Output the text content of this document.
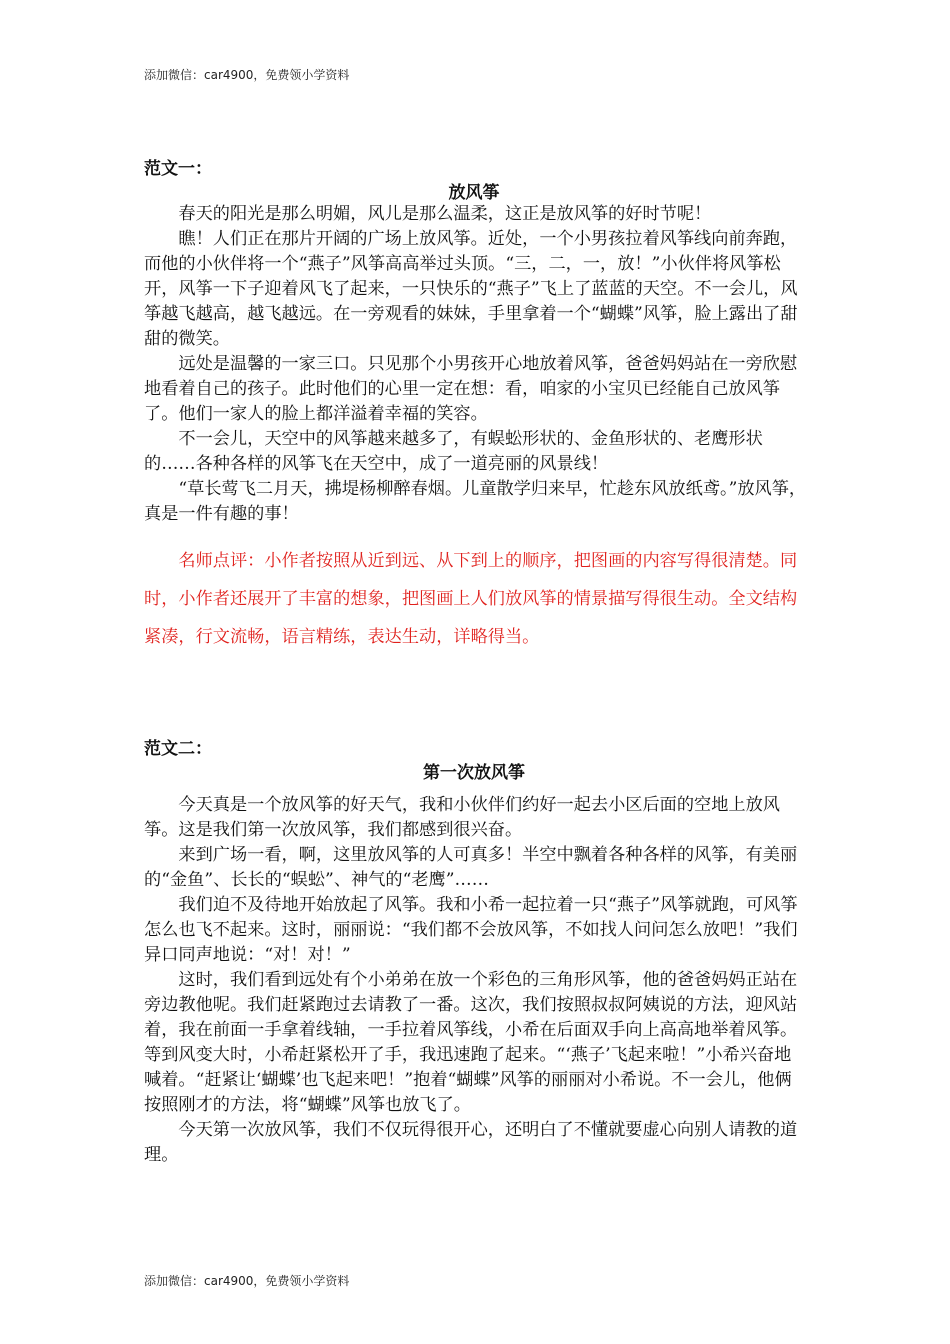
添加微信：car4900，免费领小学资料
范文一：
放风筝

春天的阳光是那么明媚，风儿是那么温柔，这正是放风筝的好时节呢！

瞧！人们正在那片开阔的广场上放风筝。近处，一个小男孩拉着风筝线向前奔跑，而他的小伙伴将一个“燕子”风筝高高举过头顶。“三，二，一，放！”小伙伴将风筝松开，风筝一下子迎着风飞了起来，一只快乐的“燕子”飞上了蓝蓝的天空。不一会儿，风筝越飞越高，越飞越远。在一旁观看的妹妹，手里拿着一个“蝴蝶”风筝，脸上露出了甜甜的微笑。

远处是温馨的一家三口。只见那个小男孩开心地放着风筝，爸爸妈妈站在一旁欣慰地看着自己的孩子。此时他们的心里一定在想：看，咱家的小宝贝已经能自己放风筝了。他们一家人的脸上都洋溢着幸福的笑容。

不一会儿，天空中的风筝越来越多了，有蜈蚣形状的、金鱼形状的、老鹰形状的……各种各样的风筝飞在天空中，成了一道亮丽的风景线！

“草长莺飞二月天，拂堤杨柳醉春烟。儿童散学归来早，忙趁东风放纸鸢。”放风筝，真是一件有趣的事！

名师点评：小作者按照从近到远、从下到上的顺序，把图画的内容写得很清楚。同时，小作者还展开了丰富的想象，把图画上人们放风筝的情景描写得很生动。全文结构紧凑，行文流畅，语言精练，表达生动，详略得当。

范文二：
第一次放风筝

今天真是一个放风筝的好天气，我和小伙伴们约好一起去小区后面的空地上放风筝。这是我们第一次放风筝，我们都感到很兴奋。

来到广场一看，啊，这里放风筝的人可真多！半空中飘着各种各样的风筝，有美丽的“金鱼”、长长的“蜈蚣”、神气的“老鹰”……

我们迫不及待地开始放起了风筝。我和小希一起拉着一只“燕子”风筝就跑，可风筝怎么也飞不起来。这时，丽丽说：“我们都不会放风筝，不如找人问问怎么放吧！”我们异口同声地说：“对！对！”

这时，我们看到远处有个小弟弟在放一个彩色的三角形风筝，他的爸爸妈妈正站在旁边教他呢。我们赶紧跑过去请教了一番。这次，我们按照叔叔阿姨说的方法，迎风站着，我在前面一手拿着线轴，一手拉着风筝线，小希在后面双手向上高高地举着风筝。等到风变大时，小希赶紧松开了手，我迅速跑了起来。“‘燕子’飞起来啦！”小希兴奋地喊着。“赶紧让‘蝴蝶’也飞起来吧！”抱着“蝴蝶”风筝的丽丽对小希说。不一会儿，他俩按照刚才的方法，将“蝴蝶”风筝也放飞了。

今天第一次放风筝，我们不仅玩得很开心，还明白了不懂就要虚心向别人请教的道理。

添加微信：car4900，免费领小学资料
